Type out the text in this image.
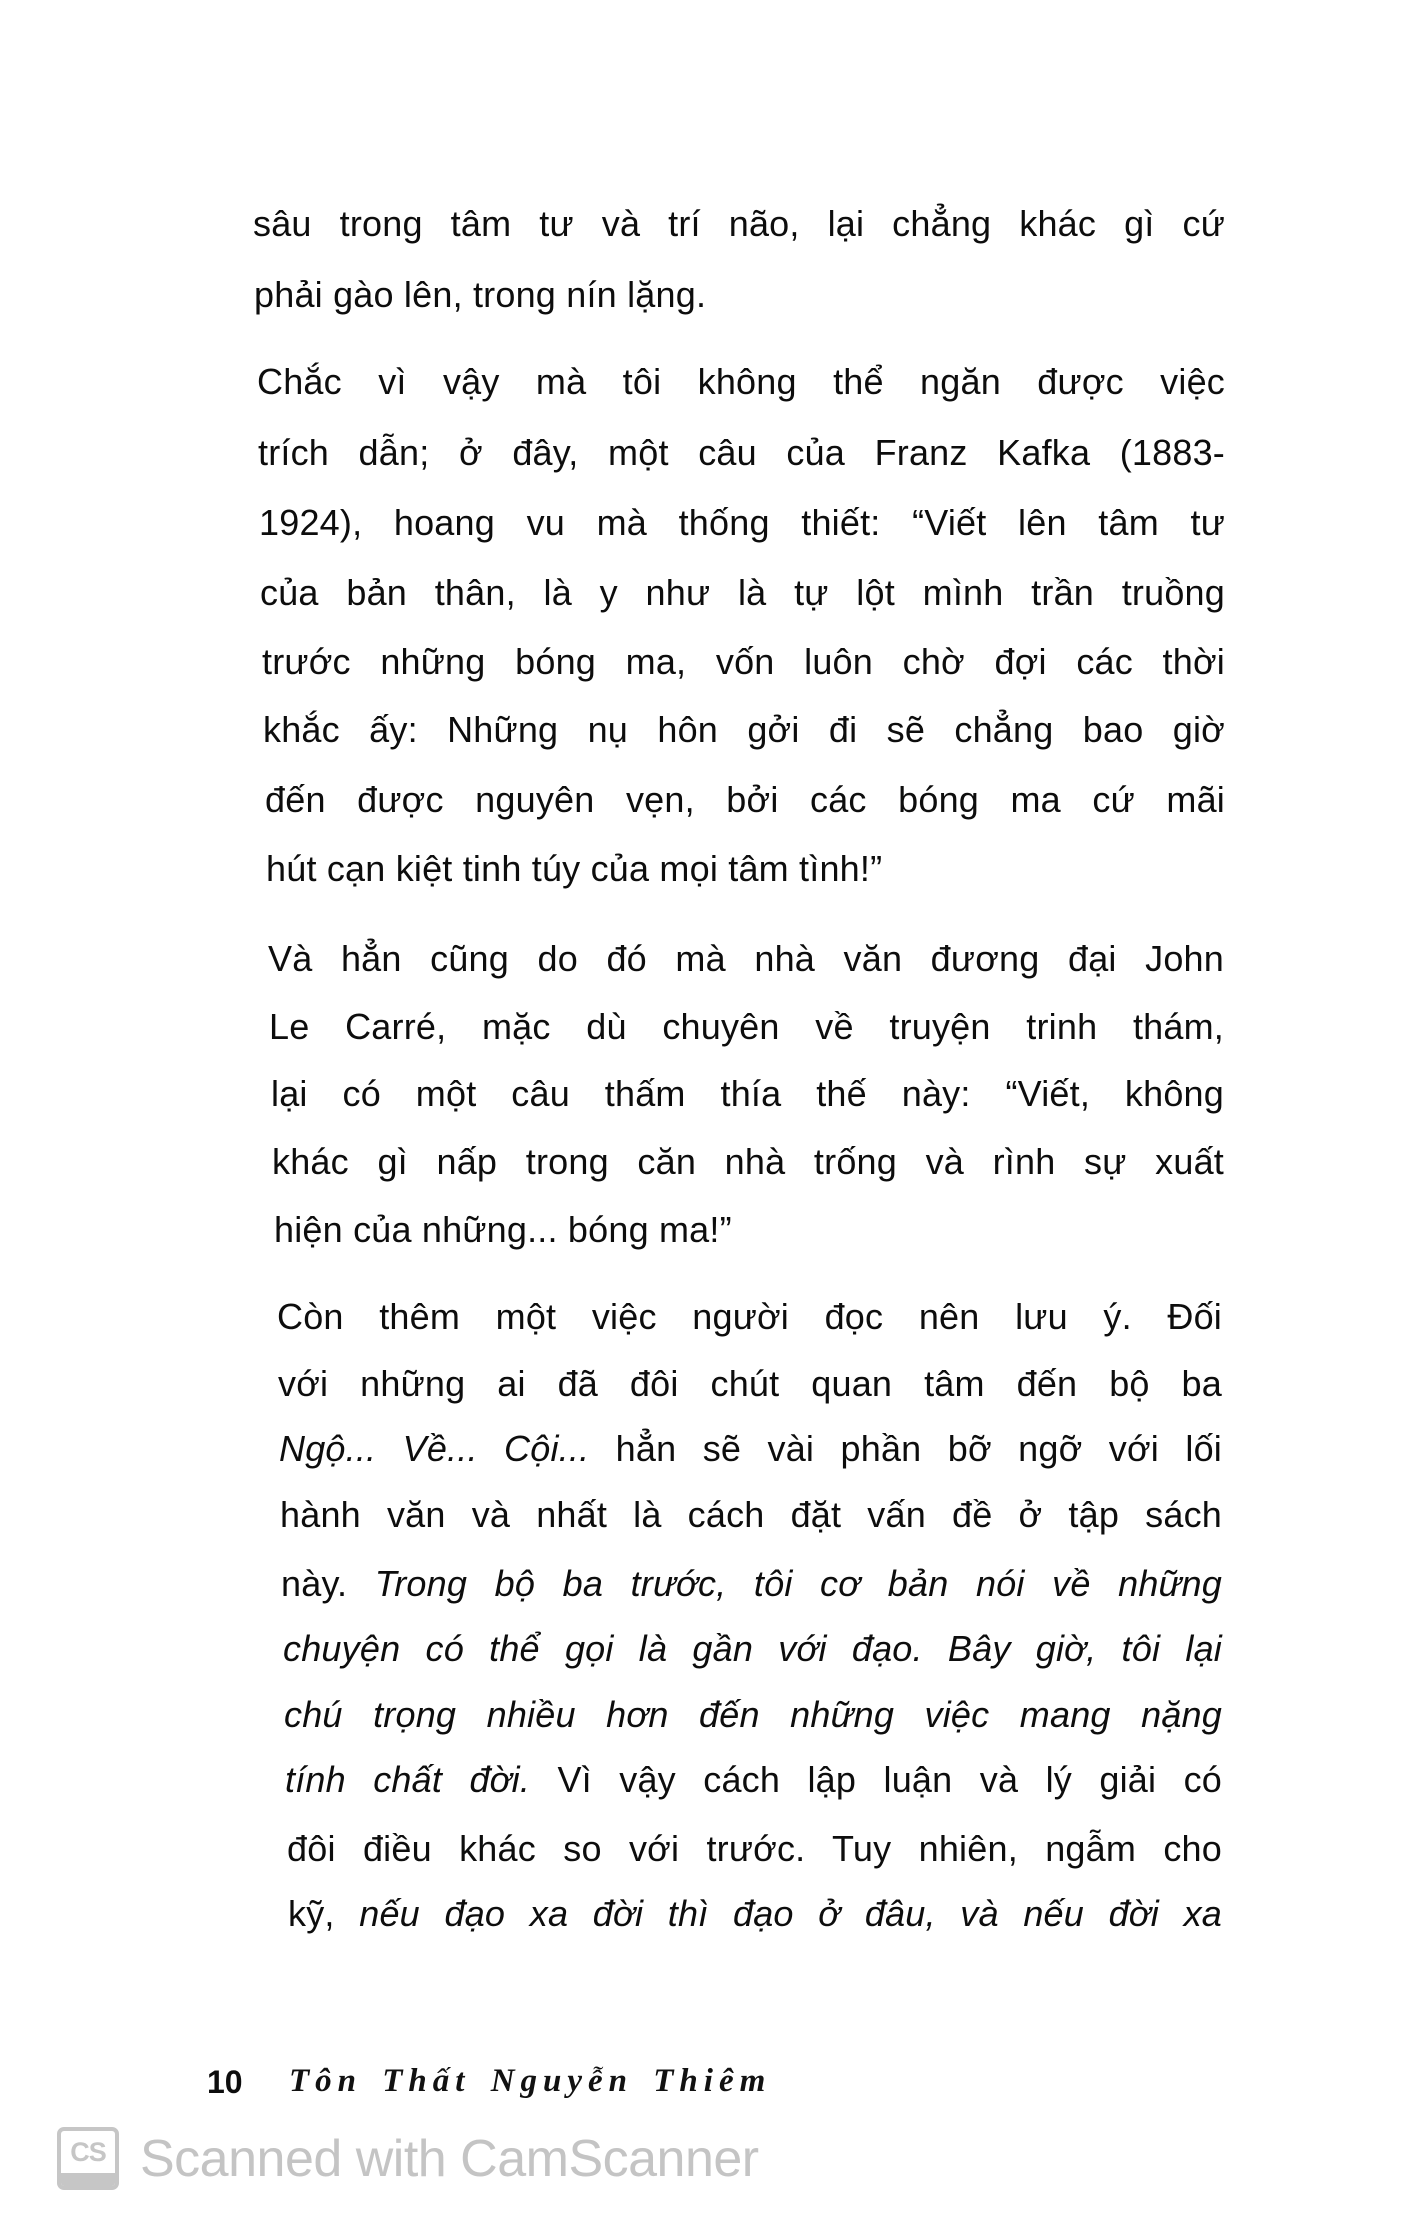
sâu trong tâm tư và trí não, lại chẳng khác gì cứ
phải gào lên, trong nín lặng.
Chắc vì vậy mà tôi không thể ngăn được việc
trích dẫn; ở đây, một câu của Franz Kafka (1883-
1924), hoang vu mà thống thiết: “Viết lên tâm tư
của bản thân, là y như là tự lột mình trần truồng
trước những bóng ma, vốn luôn chờ đợi các thời
khắc ấy: Những nụ hôn gởi đi sẽ chẳng bao giờ
đến được nguyên vẹn, bởi các bóng ma cứ mãi
hút cạn kiệt tinh túy của mọi tâm tình!”
Và hẳn cũng do đó mà nhà văn đương đại John
Le Carré, mặc dù chuyên về truyện trinh thám,
lại có một câu thấm thía thế này: “Viết, không
khác gì nấp trong căn nhà trống và rình sự xuất
hiện của những... bóng ma!”
Còn thêm một việc người đọc nên lưu ý. Đối
với những ai đã đôi chút quan tâm đến bộ ba
Ngộ... Về... Cội... hẳn sẽ vài phần bỡ ngỡ với lối
hành văn và nhất là cách đặt vấn đề ở tập sách
này. Trong bộ ba trước, tôi cơ bản nói về những
chuyện có thể gọi là gần với đạo. Bây giờ, tôi lại
chú trọng nhiều hơn đến những việc mang nặng
tính chất đời. Vì vậy cách lập luận và lý giải có
đôi điều khác so với trước. Tuy nhiên, ngẫm cho
kỹ, nếu đạo xa đời thì đạo ở đâu, và nếu đời xa
10 Tôn Thất Nguyễn Thiêm
CS Scanned with CamScanner
